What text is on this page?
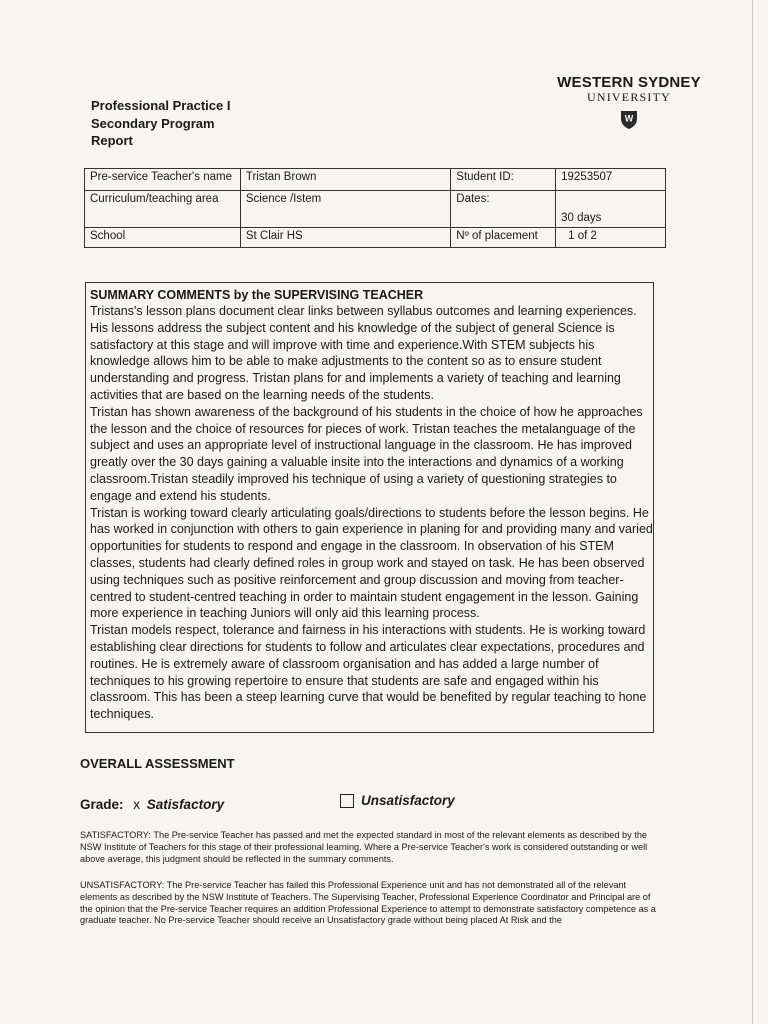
WESTERN SYDNEY
UNIVERSITY
W
Professional Practice I
Secondary Program
Report
Pre-service Teacher's name	Tristan Brown	Student ID:	19253507
Curriculum/teaching area	Science /Istem	Dates:	30 days
School	St Clair HS	Nº of placement	1 of 2
SUMMARY COMMENTS by the SUPERVISING TEACHER

Tristans's lesson plans document clear links between syllabus outcomes and learning experiences. His lessons address the subject content and his knowledge of the subject of general Science is satisfactory at this stage and will improve with time and experience.With STEM subjects his knowledge allows him to be able to make adjustments to the content so as to ensure student understanding and progress. Tristan plans for and implements a variety of teaching and learning activities that are based on the learning needs of the students.

Tristan has shown awareness of the background of his students in the choice of how he approaches the lesson and the choice of resources for pieces of work. Tristan teaches the metalanguage of the subject and uses an appropriate level of instructional language in the classroom. He has improved greatly over the 30 days gaining a valuable insite into the interactions and dynamics of a working classroom.Tristan steadily improved his technique of using a variety of questioning strategies to engage and extend his students.

Tristan is working toward clearly articulating goals/directions to students before the lesson begins. He has worked in conjunction with others to gain experience in planing for and providing many and varied opportunities for students to respond and engage in the classroom. In observation of his STEM classes, students had clearly defined roles in group work and stayed on task. He has been observed using techniques such as positive reinforcement and group discussion and moving from teacher-centred to student-centred teaching in order to maintain student engagement in the lesson. Gaining more experience in teaching Juniors will only aid this learning process.

Tristan models respect, tolerance and fairness in his interactions with students. He is working toward establishing clear directions for students to follow and articulates clear expectations, procedures and routines. He is extremely aware of classroom organisation and has added a large number of techniques to his growing repertoire to ensure that students are safe and engaged within his classroom. This has been a steep learning curve that would be benefited by regular teaching to hone techniques.

OVERALL ASSESSMENT
Grade: x Satisfactory	Unsatisfactory

SATISFACTORY: The Pre-service Teacher has passed and met the expected standard in most of the relevant elements as described by the NSW Institute of Teachers for this stage of their professional learning. Where a Pre-service Teacher's work is considered outstanding or well above average, this judgment should be reflected in the summary comments.

UNSATISFACTORY: The Pre-service Teacher has failed this Professional Experience unit and has not demonstrated all of the relevant elements as described by the NSW Institute of Teachers. The Supervising Teacher, Professional Experience Coordinator and Principal are of the opinion that the Pre-service Teacher requires an addition Professional Experience to attempt to demonstrate satisfactory competence as a graduate teacher. No Pre-service Teacher should receive an Unsatisfactory grade without being placed At Risk and the
